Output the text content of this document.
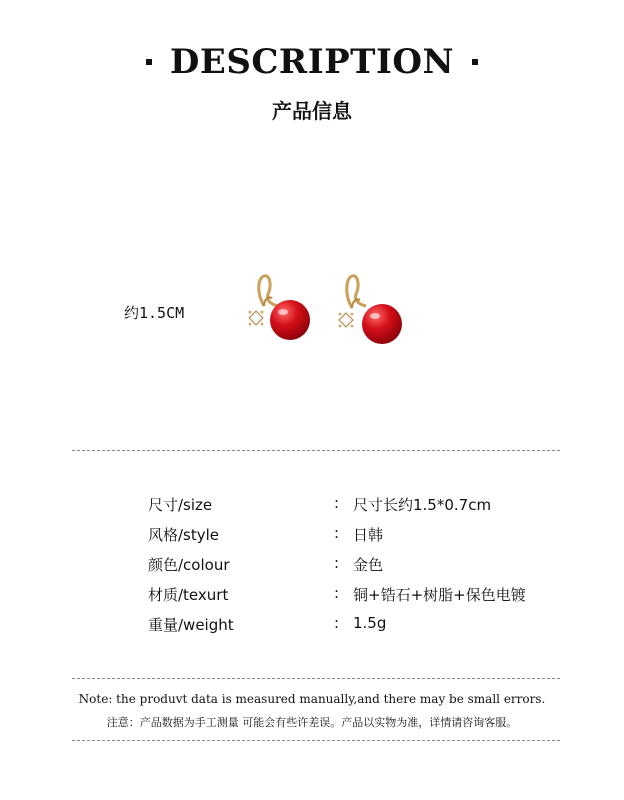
DESCRIPTION
产品信息
约1.5CM
尺寸/size	: 尺寸长约1.5*0.7cm
风格/style	: 日韩
颜色/colour	: 金色
材质/texurt	: 铜+锆石+树脂+保色电镀
重量/weight	: 1.5g
Note: the produvt data is measured manually,and there may be small errors.
注意：产品数据为手工测量 可能会有些许差误。产品以实物为准，详情请咨询客服。
